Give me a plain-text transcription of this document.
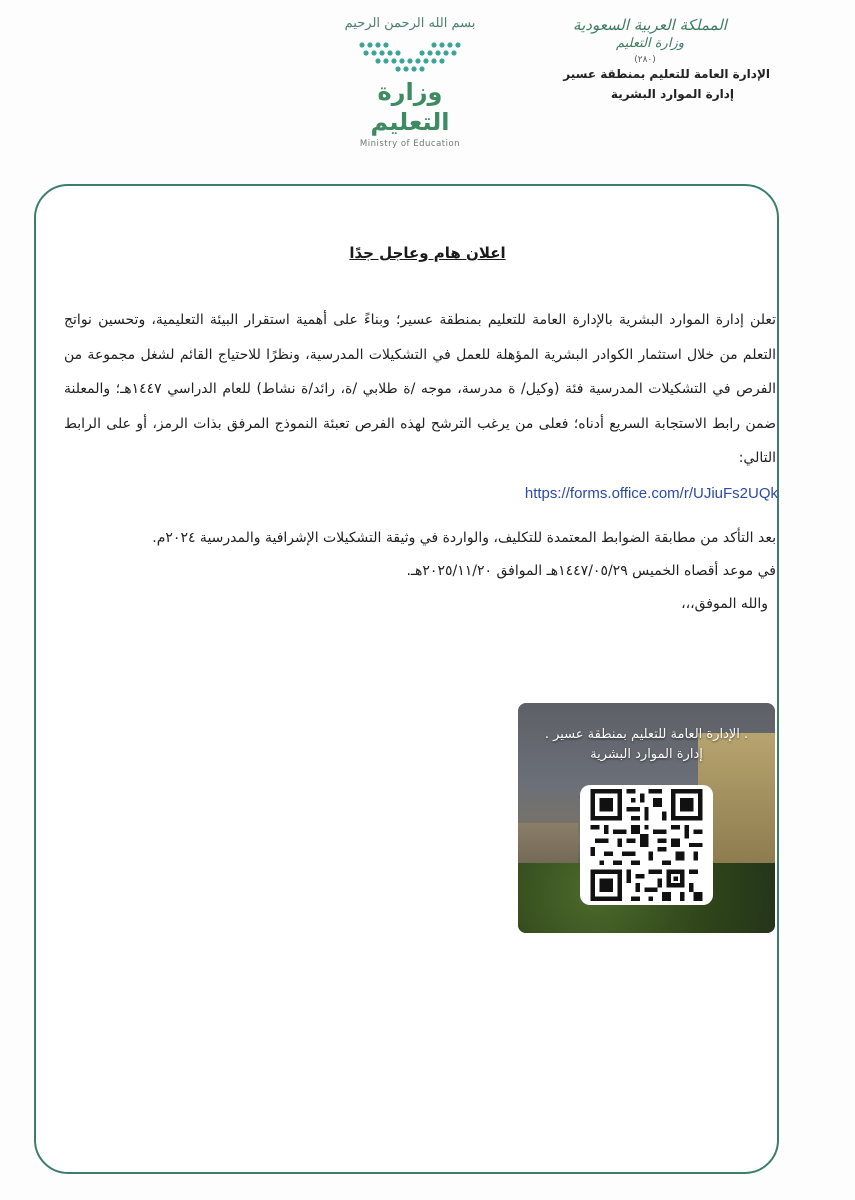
بسم الله الرحمن الرحيم
وزارة التعليم
Ministry of Education
المملكة العربية السعودية
وزارة التعليم
(٢٨٠)
الإدارة العامة للتعليم بمنطقة عسير
إدارة الموارد البشرية
اعلان هام وعاجل جدًا

تعلن إدارة الموارد البشرية بالإدارة العامة للتعليم بمنطقة عسير؛ وبناءً على أهمية استقرار البيئة التعليمية، وتحسين نواتج التعلم من خلال استثمار الكوادر البشرية المؤهلة للعمل في التشكيلات المدرسية، ونظرًا للاحتياج القائم لشغل مجموعة من الفرص في التشكيلات المدرسية فئة (وكيل/ ة مدرسة، موجه /ة طلابي /ة، رائد/ة نشاط) للعام الدراسي ١٤٤٧هـ؛ والمعلنة ضمن رابط الاستجابة السريع أدناه؛ فعلى من يرغب الترشح لهذه الفرص تعبئة النموذج المرفق بذات الرمز، أو على الرابط التالي:

https://forms.office.com/r/UJiuFs2UQk

بعد التأكد من مطابقة الضوابط المعتمدة للتكليف، والواردة في وثيقة التشكيلات الإشرافية والمدرسية ٢٠٢٤م.

في موعد أقصاه الخميس ١٤٤٧/٠٥/٢٩هـ الموافق ٢٠٢٥/١١/٢٠هـ.

والله الموفق،،،

. الإدارة العامة للتعليم بمنطقة عسير .
إدارة الموارد البشرية
